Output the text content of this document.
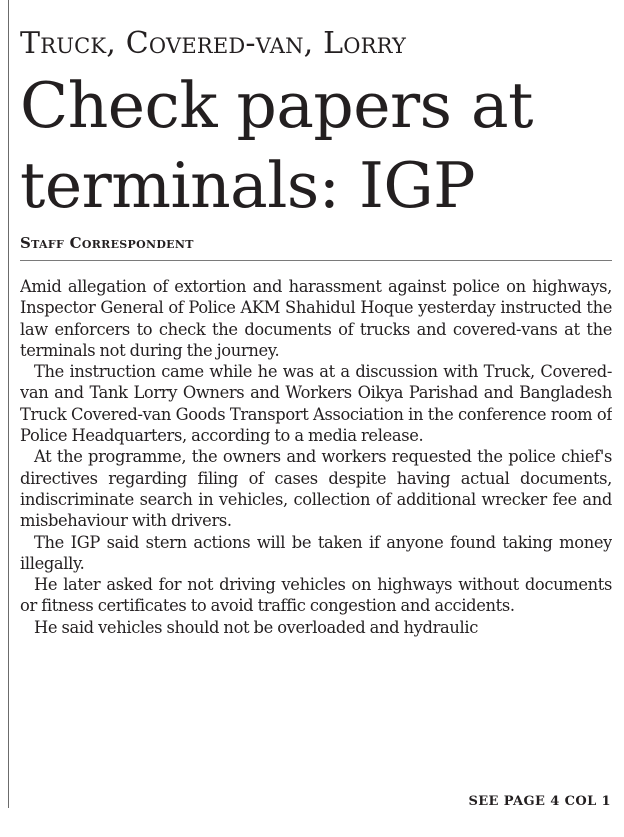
Truck, Covered-van, Lorry
Check papers at
terminals: IGP
Staff Correspondent

Amid allegation of extortion and harassment against police on highways, Inspector General of Police AKM Shahidul Hoque yesterday instructed the law enforcers to check the documents of trucks and covered-vans at the terminals not during the journey.

The instruction came while he was at a discussion with Truck, Covered-van and Tank Lorry Owners and Workers Oikya Parishad and Bangladesh Truck Covered-van Goods Transport Association in the conference room of Police Headquarters, according to a media release.

At the programme, the owners and workers requested the police chief's directives regarding filing of cases despite having actual documents, indiscriminate search in vehicles, collection of additional wrecker fee and misbehaviour with drivers.

The IGP said stern actions will be taken if anyone found taking money illegally.

He later asked for not driving vehicles on highways without documents or fitness certificates to avoid traffic congestion and accidents.

He said vehicles should not be overloaded and hydraulic

SEE PAGE 4 COL 1
